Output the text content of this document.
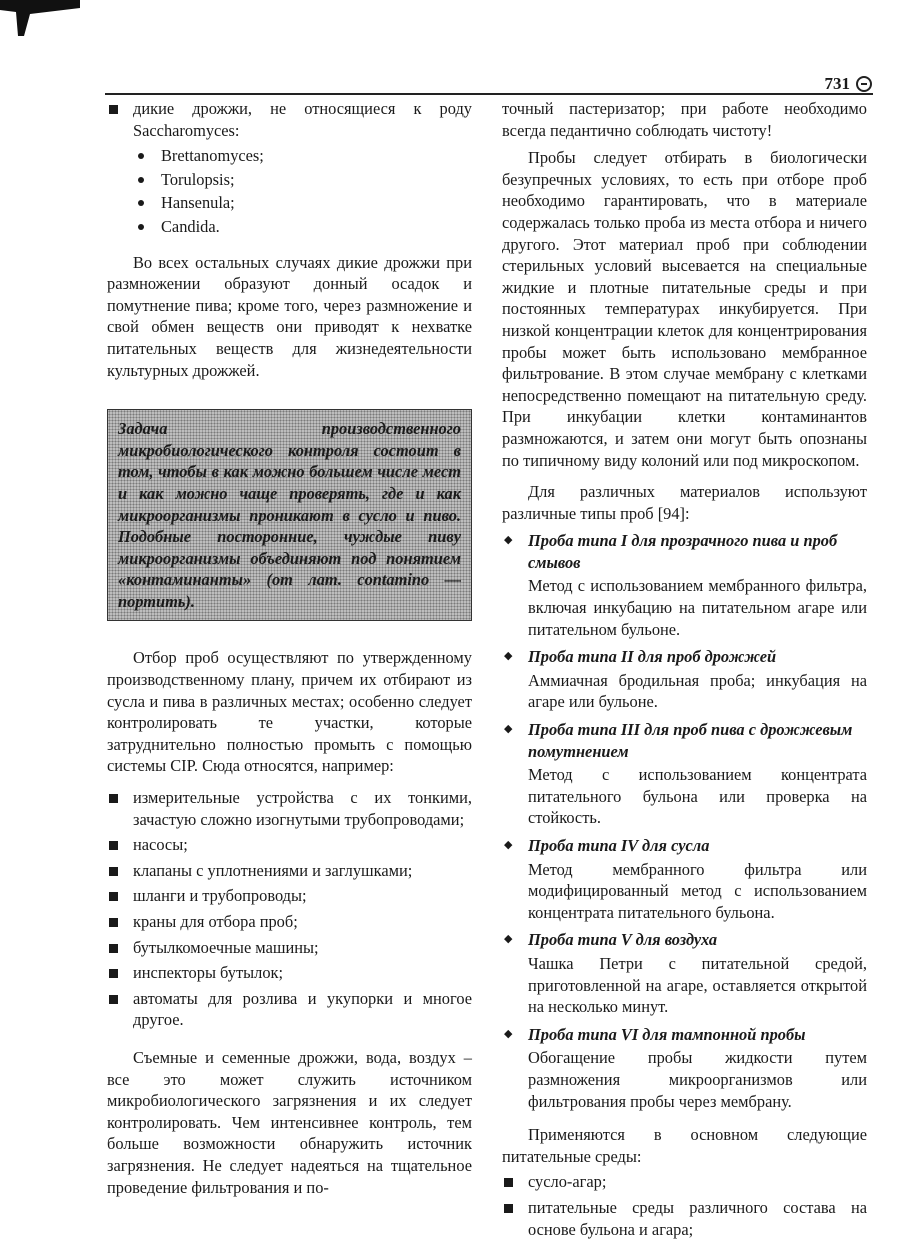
731
дикие дрожжи, не относящиеся к роду Saccharomyces:
Brettanomyces;
Torulopsis;
Hansenula;
Candida.

Во всех остальных случаях дикие дрожжи при размножении образуют донный осадок и помутнение пива; кроме того, через размножение и свой обмен веществ они приводят к нехватке питательных веществ для жизнедеятельности культурных дрожжей.

Задача производственного микробиологического контроля состоит в том, чтобы в как можно большем числе мест и как можно чаще проверять, где и как микроорганизмы проникают в сусло и пиво. Подобные посторонние, чуждые пиву микроорганизмы объединяют под понятием «контаминанты» (от лат. contamino — портить).

Отбор проб осуществляют по утвержденному производственному плану, причем их отбирают из сусла и пива в различных местах; особенно следует контролировать те участки, которые затруднительно полностью промыть с помощью системы CIP. Сюда относятся, например:

измерительные устройства с их тонкими, зачастую сложно изогнутыми трубопроводами;
насосы;
клапаны с уплотнениями и заглушками;
шланги и трубопроводы;
краны для отбора проб;
бутылкомоечные машины;
инспекторы бутылок;
автоматы для розлива и укупорки и многое другое.

Съемные и семенные дрожжи, вода, воздух – все это может служить источником микробиологического загрязнения и их следует контролировать. Чем интенсивнее контроль, тем больше возможности обнаружить источник загрязнения. Не следует надеяться на тщательное проведение фильтрования и по-

точный пастеризатор; при работе необходимо всегда педантично соблюдать чистоту!

Пробы следует отбирать в биологически безупречных условиях, то есть при отборе проб необходимо гарантировать, что в материале содержалась только проба из места отбора и ничего другого. Этот материал проб при соблюдении стерильных условий высевается на специальные жидкие и плотные питательные среды и при постоянных температурах инкубируется. При низкой концентрации клеток для концентрирования пробы может быть использовано мембранное фильтрование. В этом случае мембрану с клетками непосредственно помещают на питательную среду. При инкубации клетки контаминантов размножаются, и затем они могут быть опознаны по типичному виду колоний или под микроскопом.

Для различных материалов используют различные типы проб [94]:

◆ Проба типа I для прозрачного пива и проб смывов
Метод с использованием мембранного фильтра, включая инкубацию на питательном агаре или питательном бульоне.
◆ Проба типа II для проб дрожжей
Аммиачная бродильная проба; инкубация на агаре или бульоне.
◆ Проба типа III для проб пива с дрожжевым помутнением
Метод с использованием концентрата питательного бульона или проверка на стойкость.
◆ Проба типа IV для сусла
Метод мембранного фильтра или модифицированный метод с использованием концентрата питательного бульона.
◆ Проба типа V для воздуха
Чашка Петри с питательной средой, приготовленной на агаре, оставляется открытой на несколько минут.
◆ Проба типа VI для тампонной пробы
Обогащение пробы жидкости путем размножения микроорганизмов или фильтрования пробы через мембрану.

Применяются в основном следующие питательные среды:

сусло-агар;
питательные среды различного состава на основе бульона и агара;
